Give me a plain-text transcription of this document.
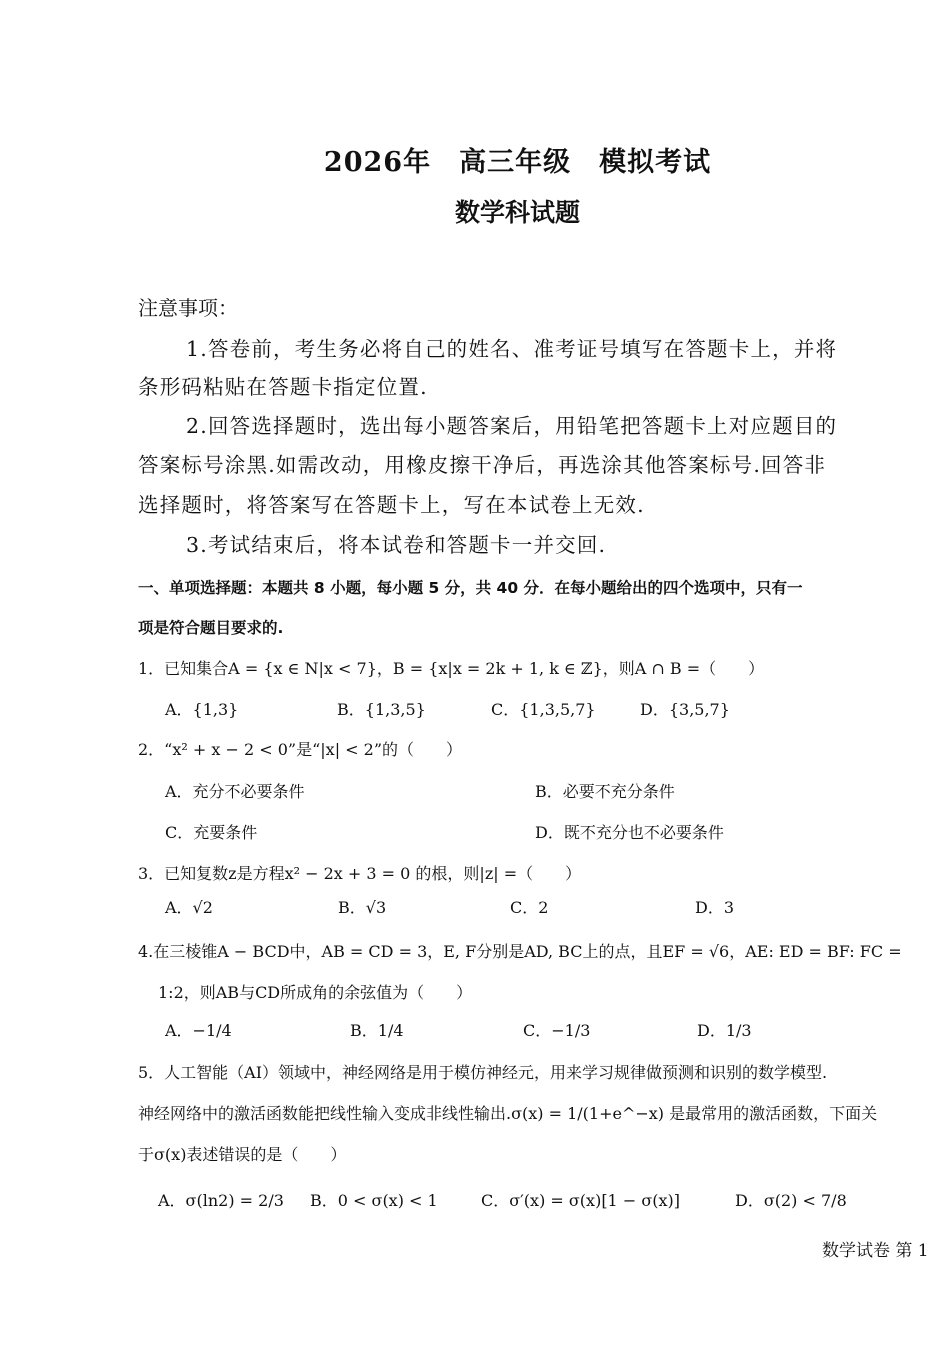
2026年　高三年级　模拟考试
数学科试题
注意事项：
1.答卷前，考生务必将自己的姓名、准考证号填写在答题卡上，并将
条形码粘贴在答题卡指定位置.
2.回答选择题时，选出每小题答案后，用铅笔把答题卡上对应题目的
答案标号涂黑.如需改动，用橡皮擦干净后，再选涂其他答案标号.回答非
选择题时，将答案写在答题卡上，写在本试卷上无效.
3.考试结束后，将本试卷和答题卡一并交回.
一、单项选择题：本题共 8 小题，每小题 5 分，共 40 分．在每小题给出的四个选项中，只有一
项是符合题目要求的.
1．已知集合A = {x ∈ N|x < 7}，B = {x|x = 2k + 1, k ∈ ℤ}，则A ∩ B =（　　）
A．{1,3}	B．{1,3,5}	C．{1,3,5,7}	D．{3,5,7}
2．“x² + x − 2 < 0”是“|x| < 2”的（　　）
A．充分不必要条件	B．必要不充分条件
C．充要条件	D．既不充分也不必要条件
3．已知复数z是方程x² − 2x + 3 = 0 的根，则|z| =（　　）
A．√2	B．√3	C．2	D．3
4.在三棱锥A − BCD中，AB = CD = 3，E, F分别是AD, BC上的点，且EF = √6，AE: ED = BF: FC =
1:2，则AB与CD所成角的余弦值为（　　）
A．−1/4	B．1/4	C．−1/3	D．1/3
5．人工智能（AI）领域中，神经网络是用于模仿神经元，用来学习规律做预测和识别的数学模型.
神经网络中的激活函数能把线性输入变成非线性输出.σ(x) = 1/(1+e^−x) 是最常用的激活函数，下面关
于σ(x)表述错误的是（　　）
A．σ(ln2) = 2/3 B．0 < σ(x) < 1	C．σ′(x) = σ(x)[1 − σ(x)]	D．σ(2) < 7/8
数学试卷 第 1
